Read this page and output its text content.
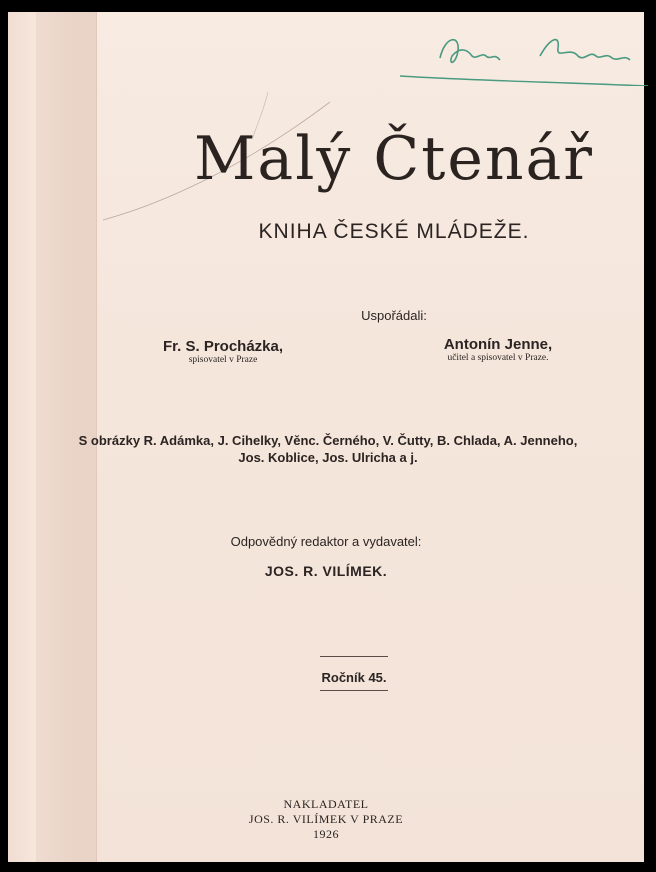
Krau. Karel
Malý Čtenář
KNIHA ČESKÉ MLÁDEŽE.
Uspořádali:
Fr. S. Procházka,
spisovatel v Praze
Antonín Jenne,
učitel a spisovatel v Praze.
S obrázky R. Adámka, J. Cihelky, Věnc. Černého, V. Čutty, B. Chlada, A. Jenneho,
Jos. Koblice, Jos. Ulricha a j.
Odpovědný redaktor a vydavatel:
JOS. R. VILÍMEK.
Ročník 45.
NAKLADATEL
JOS. R. VILÍMEK V PRAZE
1926
